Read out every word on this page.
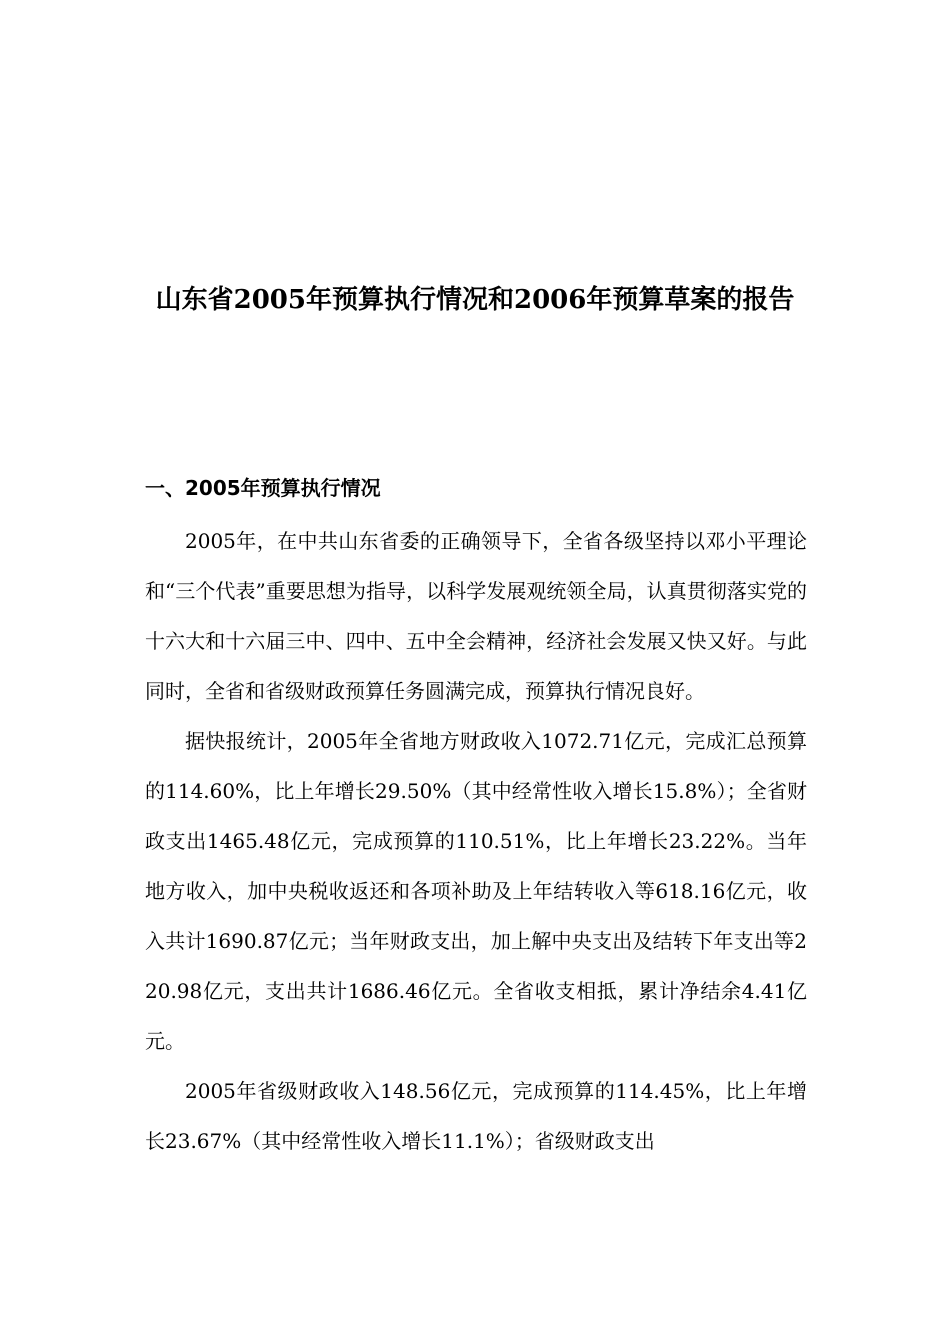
山东省2005年预算执行情况和2006年预算草案的报告
一、2005年预算执行情况

2005年，在中共山东省委的正确领导下，全省各级坚持以邓小平理论和“三个代表”重要思想为指导，以科学发展观统领全局，认真贯彻落实党的十六大和十六届三中、四中、五中全会精神，经济社会发展又快又好。与此同时，全省和省级财政预算任务圆满完成，预算执行情况良好。

据快报统计，2005年全省地方财政收入1072.71亿元，完成汇总预算的114.60%，比上年增长29.50%（其中经常性收入增长15.8%）；全省财政支出1465.48亿元，完成预算的110.51%，比上年增长23.22%。当年地方收入，加中央税收返还和各项补助及上年结转收入等618.16亿元，收入共计1690.87亿元；当年财政支出，加上解中央支出及结转下年支出等220.98亿元，支出共计1686.46亿元。全省收支相抵，累计净结余4.41亿元。

2005年省级财政收入148.56亿元，完成预算的114.45%，比上年增长23.67%（其中经常性收入增长11.1%）；省级财政支出
